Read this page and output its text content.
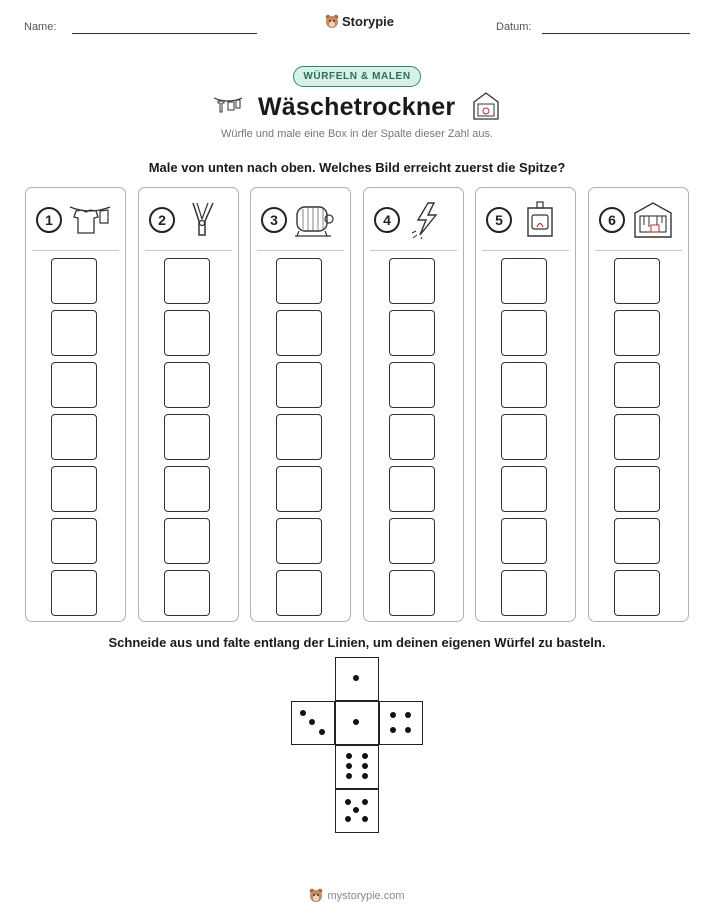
Name:	Storypie	Datum:
WÜRFELN & MALEN
Wäschetrockner
Würfle und male eine Box in der Spalte dieser Zahl aus.
Male von unten nach oben. Welches Bild erreicht zuerst die Spitze?
1	2	3	4	5	6
Schneide aus und falte entlang der Linien, um deinen eigenen Würfel zu basteln.
mystorypie.com
